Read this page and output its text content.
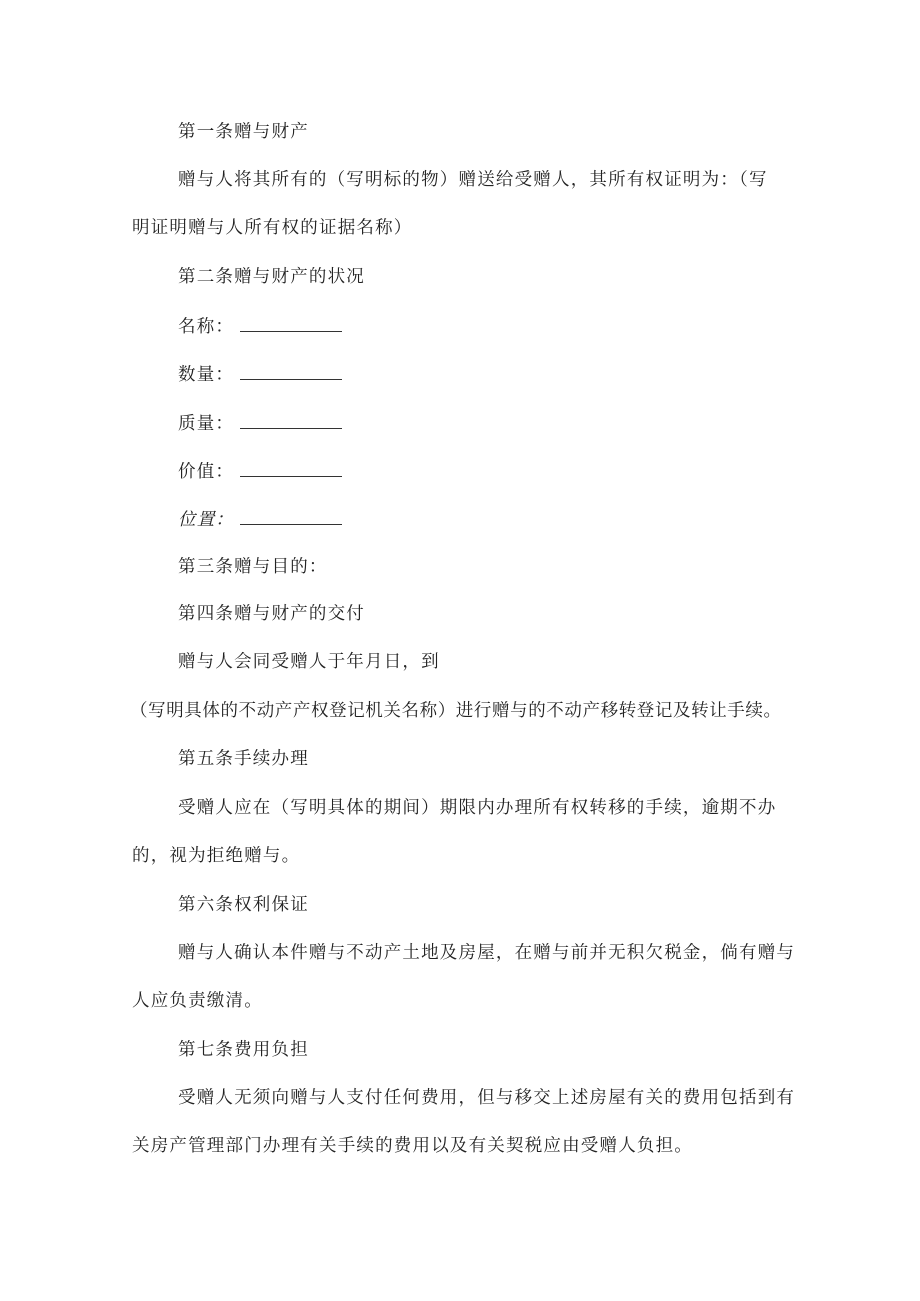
第一条赠与财产
赠与人将其所有的（写明标的物）赠送给受赠人，其所有权证明为：（写
明证明赠与人所有权的证据名称）
第二条赠与财产的状况
名称：
数量：
质量：
价值：
位置：
第三条赠与目的：
第四条赠与财产的交付
赠与人会同受赠人于年月日，到
（写明具体的不动产产权登记机关名称）进行赠与的不动产移转登记及转让手续。
第五条手续办理
受赠人应在（写明具体的期间）期限内办理所有权转移的手续，逾期不办
的，视为拒绝赠与。
第六条权利保证
赠与人确认本件赠与不动产土地及房屋，在赠与前并无积欠税金，倘有赠与
人应负责缴清。
第七条费用负担
受赠人无须向赠与人支付任何费用，但与移交上述房屋有关的费用包括到有
关房产管理部门办理有关手续的费用以及有关契税应由受赠人负担。
